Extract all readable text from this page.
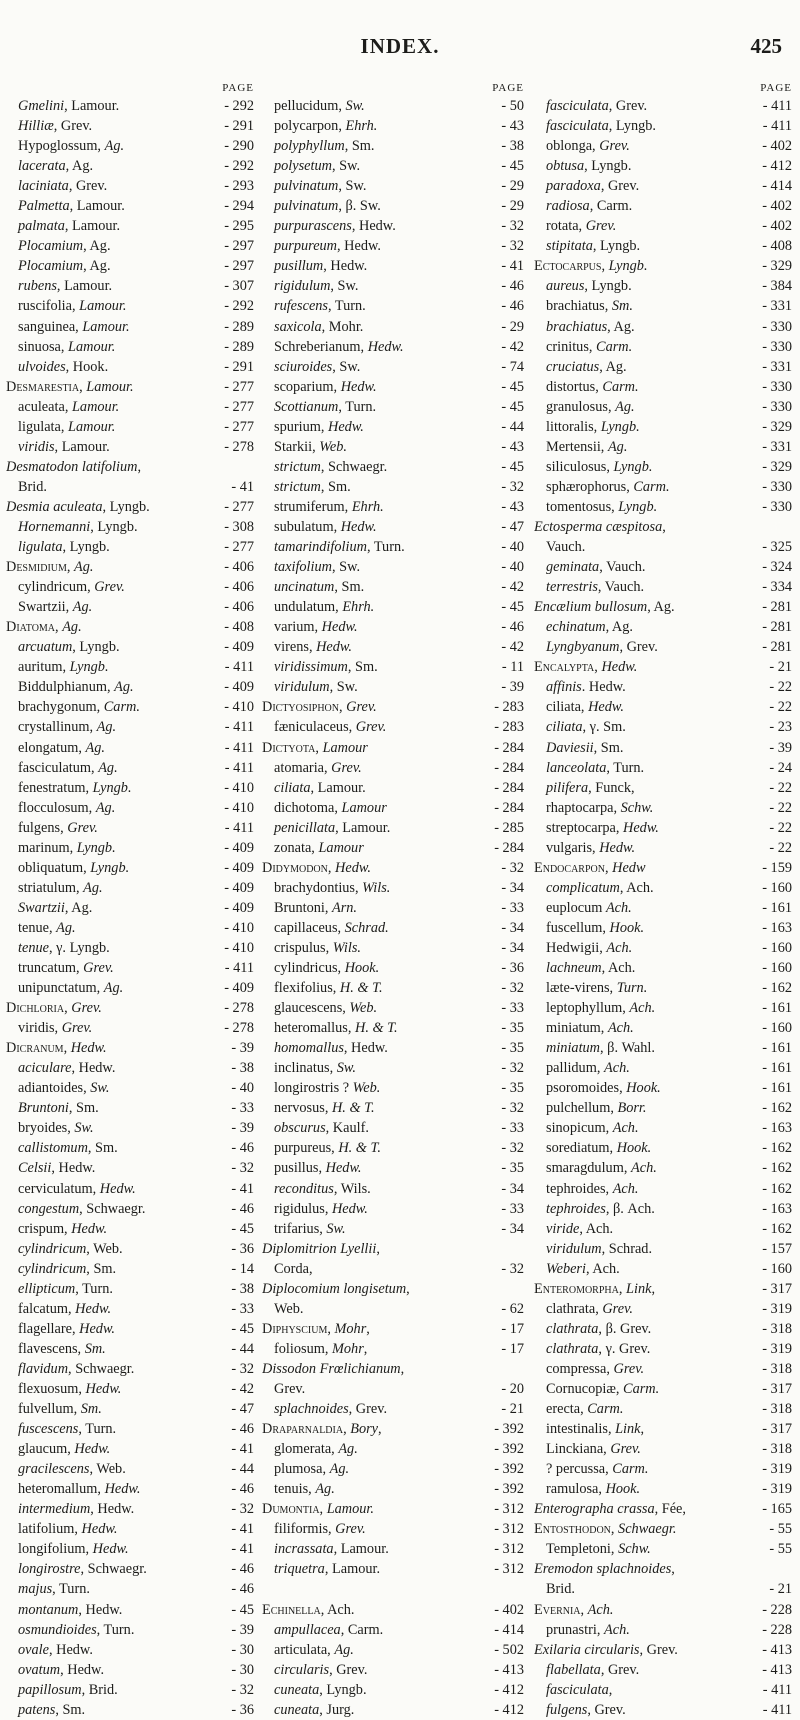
INDEX.	425
PAGE
Gmelini, Lamour.	- 292
Hilliæ, Grev.	- 291
Hypoglossum, Ag.	- 290
lacerata, Ag.	- 292
laciniata, Grev.	- 293
Palmetta, Lamour.	- 294
palmata, Lamour.	- 295
Plocamium, Ag.	- 297
Plocamium, Ag.	- 297
rubens, Lamour.	- 307
ruscifolia, Lamour.	- 292
sanguinea, Lamour.	- 289
sinuosa, Lamour.	- 289
ulvoides, Hook.	- 291
Desmarestia, Lamour.	- 277
aculeata, Lamour.	- 277
ligulata, Lamour.	- 277
viridis, Lamour.	- 278
Desmatodon latifolium,
Brid.	- 41
Desmia aculeata, Lyngb.	- 277
Hornemanni, Lyngb.	- 308
ligulata, Lyngb.	- 277
Desmidium, Ag.	- 406
cylindricum, Grev.	- 406
Swartzii, Ag.	- 406
Diatoma, Ag.	- 408
arcuatum, Lyngb.	- 409
auritum, Lyngb.	- 411
Biddulphianum, Ag.	- 409
brachygonum, Carm.	- 410
crystallinum, Ag.	- 411
elongatum, Ag.	- 411
fasciculatum, Ag.	- 411
fenestratum, Lyngb.	- 410
flocculosum, Ag.	- 410
fulgens, Grev.	- 411
marinum, Lyngb.	- 409
obliquatum, Lyngb.	- 409
striatulum, Ag.	- 409
Swartzii, Ag.	- 409
tenue, Ag.	- 410
tenue, γ. Lyngb.	- 410
truncatum, Grev.	- 411
unipunctatum, Ag.	- 409
Dichloria, Grev.	- 278
viridis, Grev.	- 278
Dicranum, Hedw.	- 39
aciculare, Hedw.	- 38
adiantoides, Sw.	- 40
Bruntoni, Sm.	- 33
bryoides, Sw.	- 39
callistomum, Sm.	- 46
Celsii, Hedw.	- 32
cerviculatum, Hedw.	- 41
congestum, Schwaegr.	- 46
crispum, Hedw.	- 45
cylindricum, Web.	- 36
cylindricum, Sm.	- 14
ellipticum, Turn.	- 38
falcatum, Hedw.	- 33
flagellare, Hedw.	- 45
flavescens, Sm.	- 44
flavidum, Schwaegr.	- 32
flexuosum, Hedw.	- 42
fulvellum, Sm.	- 47
fuscescens, Turn.	- 46
glaucum, Hedw.	- 41
gracilescens, Web.	- 44
heteromallum, Hedw.	- 46
intermedium, Hedw.	- 32
latifolium, Hedw.	- 41
longifolium, Hedw.	- 41
longirostre, Schwaegr.	- 46
majus, Turn.	- 46
montanum, Hedw.	- 45
osmundioides, Turn.	- 39
ovale, Hedw.	- 30
ovatum, Hedw.	- 30
papillosum, Brid.	- 32
patens, Sm.	- 36
PAGE
pellucidum, Sw.	- 50
polycarpon, Ehrh.	- 43
polyphyllum, Sm.	- 38
polysetum, Sw.	- 45
pulvinatum, Sw.	- 29
pulvinatum, β. Sw.	- 29
purpurascens, Hedw.	- 32
purpureum, Hedw.	- 32
pusillum, Hedw.	- 41
rigidulum, Sw.	- 46
rufescens, Turn.	- 46
saxicola, Mohr.	- 29
Schreberianum, Hedw.	- 42
sciuroides, Sw.	- 74
scoparium, Hedw.	- 45
Scottianum, Turn.	- 45
spurium, Hedw.	- 44
Starkii, Web.	- 43
strictum, Schwaegr.	- 45
strictum, Sm.	- 32
strumiferum, Ehrh.	- 43
subulatum, Hedw.	- 47
tamarindifolium, Turn.	- 40
taxifolium, Sw.	- 40
uncinatum, Sm.	- 42
undulatum, Ehrh.	- 45
varium, Hedw.	- 46
virens, Hedw.	- 42
viridissimum, Sm.	- 11
viridulum, Sw.	- 39
Dictyosiphon, Grev.	- 283
fæniculaceus, Grev.	- 283
Dictyota, Lamour	- 284
atomaria, Grev.	- 284
ciliata, Lamour.	- 284
dichotoma, Lamour	- 284
penicillata, Lamour.	- 285
zonata, Lamour	- 284
Didymodon, Hedw.	- 32
brachydontius, Wils.	- 34
Bruntoni, Arn.	- 33
capillaceus, Schrad.	- 34
crispulus, Wils.	- 34
cylindricus, Hook.	- 36
flexifolius, H. & T.	- 32
glaucescens, Web.	- 33
heteromallus, H. & T.	- 35
homomallus, Hedw.	- 35
inclinatus, Sw.	- 32
longirostris ? Web.	- 35
nervosus, H. & T.	- 32
obscurus, Kaulf.	- 33
purpureus, H. & T.	- 32
pusillus, Hedw.	- 35
reconditus, Wils.	- 34
rigidulus, Hedw.	- 33
trifarius, Sw.	- 34
Diplomitrion Lyellii,
Corda,	- 32
Diplocomium longisetum,
Web.	- 62
Diphyscium, Mohr,	- 17
foliosum, Mohr,	- 17
Dissodon Frœlichianum,
Grev.	- 20
splachnoides, Grev.	- 21
Draparnaldia, Bory,	- 392
glomerata, Ag.	- 392
plumosa, Ag.	- 392
tenuis, Ag.	- 392
Dumontia, Lamour.	- 312
filiformis, Grev.	- 312
incrassata, Lamour.	- 312
triquetra, Lamour.	- 312
Echinella, Ach.	- 402
ampullacea, Carm.	- 414
articulata, Ag.	- 502
circularis, Grev.	- 413
cuneata, Lyngb.	- 412
cuneata, Jurg.	- 412
PAGE
fasciculata, Grev.	- 411
fasciculata, Lyngb.	- 411
oblonga, Grev.	- 402
obtusa, Lyngb.	- 412
paradoxa, Grev.	- 414
radiosa, Carm.	- 402
rotata, Grev.	- 402
stipitata, Lyngb.	- 408
Ectocarpus, Lyngb.	- 329
aureus, Lyngb.	- 384
brachiatus, Sm.	- 331
brachiatus, Ag.	- 330
crinitus, Carm.	- 330
cruciatus, Ag.	- 331
distortus, Carm.	- 330
granulosus, Ag.	- 330
littoralis, Lyngb.	- 329
Mertensii, Ag.	- 331
siliculosus, Lyngb.	- 329
sphærophorus, Carm.	- 330
tomentosus, Lyngb.	- 330
Ectosperma cæspitosa,
Vauch.	- 325
geminata, Vauch.	- 324
terrestris, Vauch.	- 334
Encælium bullosum, Ag.	- 281
echinatum, Ag.	- 281
Lyngbyanum, Grev.	- 281
Encalypta, Hedw.	- 21
affinis. Hedw.	- 22
ciliata, Hedw.	- 22
ciliata, γ. Sm.	- 23
Daviesii, Sm.	- 39
lanceolata, Turn.	- 24
pilifera, Funck,	- 22
rhaptocarpa, Schw.	- 22
streptocarpa, Hedw.	- 22
vulgaris, Hedw.	- 22
Endocarpon, Hedw	- 159
complicatum, Ach.	- 160
euplocum Ach.	- 161
fuscellum, Hook.	- 163
Hedwigii, Ach.	- 160
lachneum, Ach.	- 160
læte-virens, Turn.	- 162
leptophyllum, Ach.	- 161
miniatum, Ach.	- 160
miniatum, β. Wahl.	- 161
pallidum, Ach.	- 161
psoromoides, Hook.	- 161
pulchellum, Borr.	- 162
sinopicum, Ach.	- 163
sorediatum, Hook.	- 162
smaragdulum, Ach.	- 162
tephroides, Ach.	- 162
tephroides, β. Ach.	- 163
viride, Ach.	- 162
viridulum, Schrad.	- 157
Weberi, Ach.	- 160
Enteromorpha, Link,	- 317
clathrata, Grev.	- 319
clathrata, β. Grev.	- 318
clathrata, γ. Grev.	- 319
compressa, Grev.	- 318
Cornucopiæ, Carm.	- 317
erecta, Carm.	- 318
intestinalis, Link,	- 317
Linckiana, Grev.	- 318
? percussa, Carm.	- 319
ramulosa, Hook.	- 319
Enterographa crassa, Fée,	- 165
Entosthodon, Schwaegr.	- 55
Templetoni, Schw.	- 55
Eremodon splachnoides,
Brid.	- 21
Evernia, Ach.	- 228
prunastri, Ach.	- 228
Exilaria circularis, Grev.	- 413
flabellata, Grev.	- 413
fasciculata,	- 411
fulgens, Grev.	- 411
